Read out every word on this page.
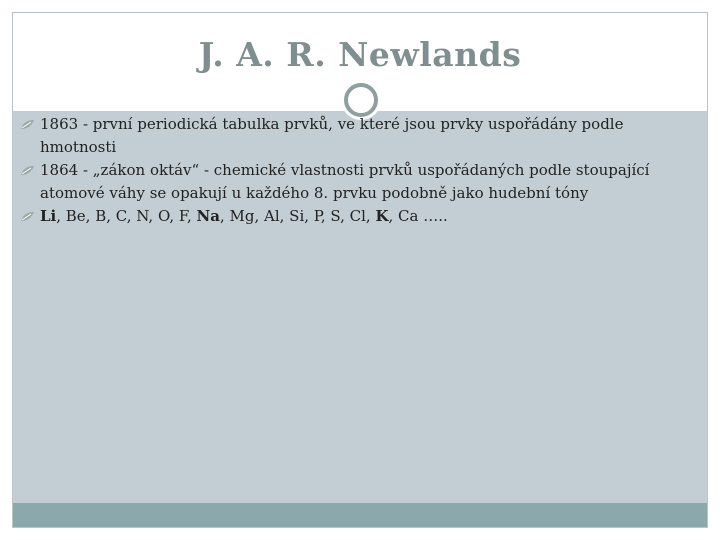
J. A. R. Newlands
1863 - první periodická tabulka prvků, ve které jsou prvky uspořádány podle hmotnosti
1864 - „zákon oktáv“ - chemické vlastnosti prvků uspořádaných podle stoupající atomové váhy se opakují u každého 8. prvku podobně jako hudební tóny
Li, Be, B, C, N, O, F, Na, Mg, Al, Si, P, S, Cl, K, Ca …..
